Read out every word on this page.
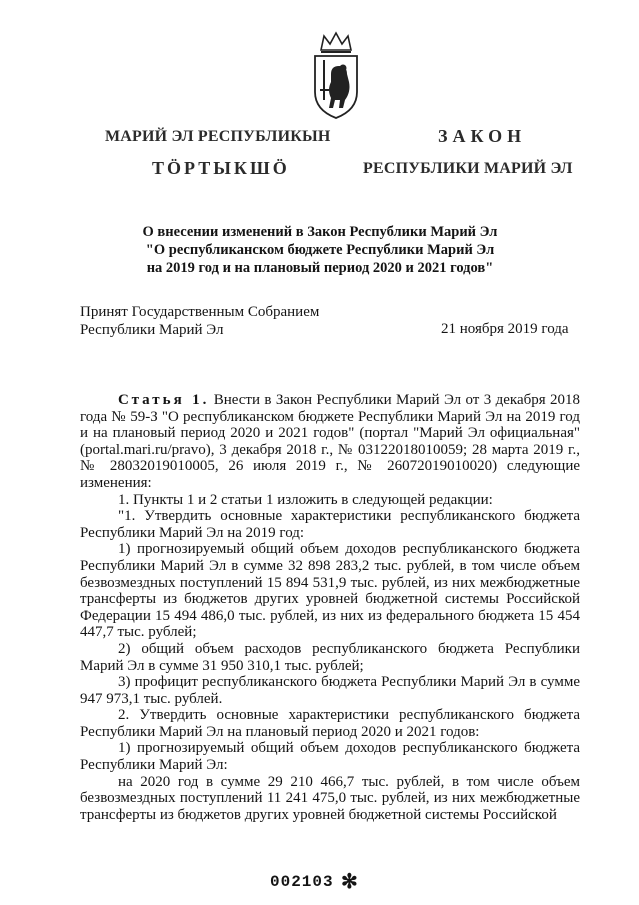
МАРИЙ ЭЛ РЕСПУБЛИКЫН
ТӦРТЫКШӦ
ЗАКОН
РЕСПУБЛИКИ МАРИЙ ЭЛ
О внесении изменений в Закон Республики Марий Эл
"О республиканском бюджете Республики Марий Эл
на 2019 год и на плановый период 2020 и 2021 годов"
Принят Государственным Собранием
Республики Марий Эл	21 ноября 2019 года

Статья 1. Внести в Закон Республики Марий Эл от 3 декабря 2018 года № 59-З "О республиканском бюджете Республики Марий Эл на 2019 год и на плановый период 2020 и 2021 годов" (портал "Марий Эл официальная" (portal.mari.ru/pravo), 3 декабря 2018 г., № 03122018010059; 28 марта 2019 г., № 28032019010005, 26 июля 2019 г., № 26072019010020) следующие изменения:

1. Пункты 1 и 2 статьи 1 изложить в следующей редакции:

"1. Утвердить основные характеристики республиканского бюджета Республики Марий Эл на 2019 год:

1) прогнозируемый общий объем доходов республиканского бюджета Республики Марий Эл в сумме 32 898 283,2 тыс. рублей, в том числе объем безвозмездных поступлений 15 894 531,9 тыс. рублей, из них межбюджетные трансферты из бюджетов других уровней бюджетной системы Российской Федерации 15 494 486,0 тыс. рублей, из них из федерального бюджета 15 454 447,7 тыс. рублей;

2) общий объем расходов республиканского бюджета Республики Марий Эл в сумме 31 950 310,1 тыс. рублей;

3) профицит республиканского бюджета Республики Марий Эл в сумме 947 973,1 тыс. рублей.

2. Утвердить основные характеристики республиканского бюджета Республики Марий Эл на плановый период 2020 и 2021 годов:

1) прогнозируемый общий объем доходов республиканского бюджета Республики Марий Эл:

на 2020 год в сумме 29 210 466,7 тыс. рублей, в том числе объем безвозмездных поступлений 11 241 475,0 тыс. рублей, из них межбюджетные трансферты из бюджетов других уровней бюджетной системы Российской

002103 ✻
